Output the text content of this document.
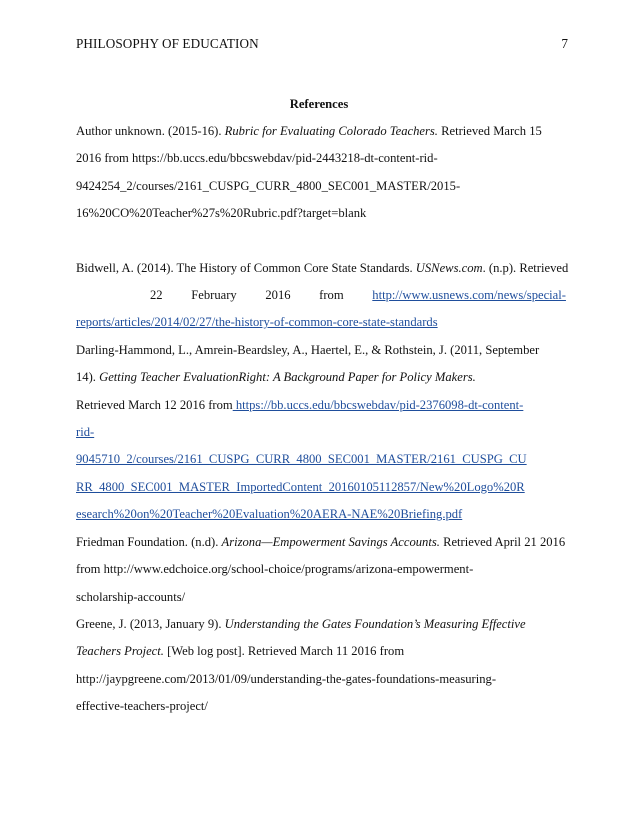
PHILOSOPHY OF EDUCATION	7
References
Author unknown. (2015-16). Rubric for Evaluating Colorado Teachers. Retrieved March 15
2016 from https://bb.uccs.edu/bbcswebdav/pid-2443218-dt-content-rid-
9424254_2/courses/2161_CUSPG_CURR_4800_SEC001_MASTER/2015-
16%20CO%20Teacher%27s%20Rubric.pdf?target=blank
Bidwell, A. (2014). The History of Common Core State Standards. USNews.com. (n.p). Retrieved
22 February 2016 from http://www.usnews.com/news/special-
reports/articles/2014/02/27/the-history-of-common-core-state-standards
Darling-Hammond, L., Amrein-Beardsley, A., Haertel, E., & Rothstein, J. (2011, September
14). Getting Teacher EvaluationRight: A Background Paper for Policy Makers.
Retrieved March 12 2016 from https://bb.uccs.edu/bbcswebdav/pid-2376098-dt-content-
rid-
9045710_2/courses/2161_CUSPG_CURR_4800_SEC001_MASTER/2161_CUSPG_CU
RR_4800_SEC001_MASTER_ImportedContent_20160105112857/New%20Logo%20R
esearch%20on%20Teacher%20Evaluation%20AERA-NAE%20Briefing.pdf
Friedman Foundation. (n.d). Arizona—Empowerment Savings Accounts. Retrieved April 21 2016
from http://www.edchoice.org/school-choice/programs/arizona-empowerment-
scholarship-accounts/
Greene, J. (2013, January 9). Understanding the Gates Foundation’s Measuring Effective
Teachers Project. [Web log post]. Retrieved March 11 2016 from
http://jaypgreene.com/2013/01/09/understanding-the-gates-foundations-measuring-
effective-teachers-project/
